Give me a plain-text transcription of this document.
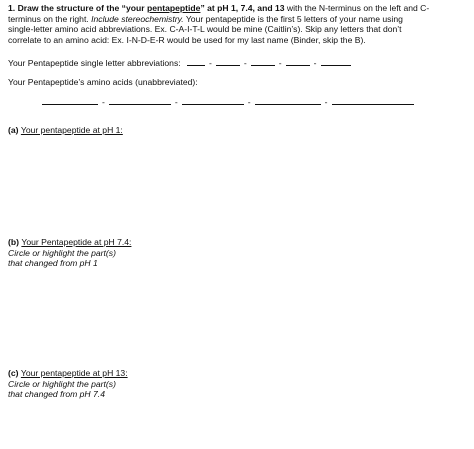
1. Draw the structure of the “your pentapeptide” at pH 1, 7.4, and 13 with the N-terminus on the left and C-
terminus on the right. Include stereochemistry. Your pentapeptide is the first 5 letters of your name using
single-letter amino acid abbreviations. Ex. C-A-I-T-L would be mine (Caitlin’s). Skip any letters that don’t
correlate to an amino acid: Ex. I-N-D-E-R would be used for my last name (Binder, skip the B).
Your Pentapeptide single letter abbreviations:	-	-	-	-
Your Pentapeptide’s amino acids (unabbreviated):
-	-	-	-
(a) Your pentapeptide at pH 1:
(b) Your Pentapeptide at pH 7.4:
Circle or highlight the part(s)
that changed from pH 1
(c) Your pentapeptide at pH 13:
Circle or highlight the part(s)
that changed from pH 7.4
